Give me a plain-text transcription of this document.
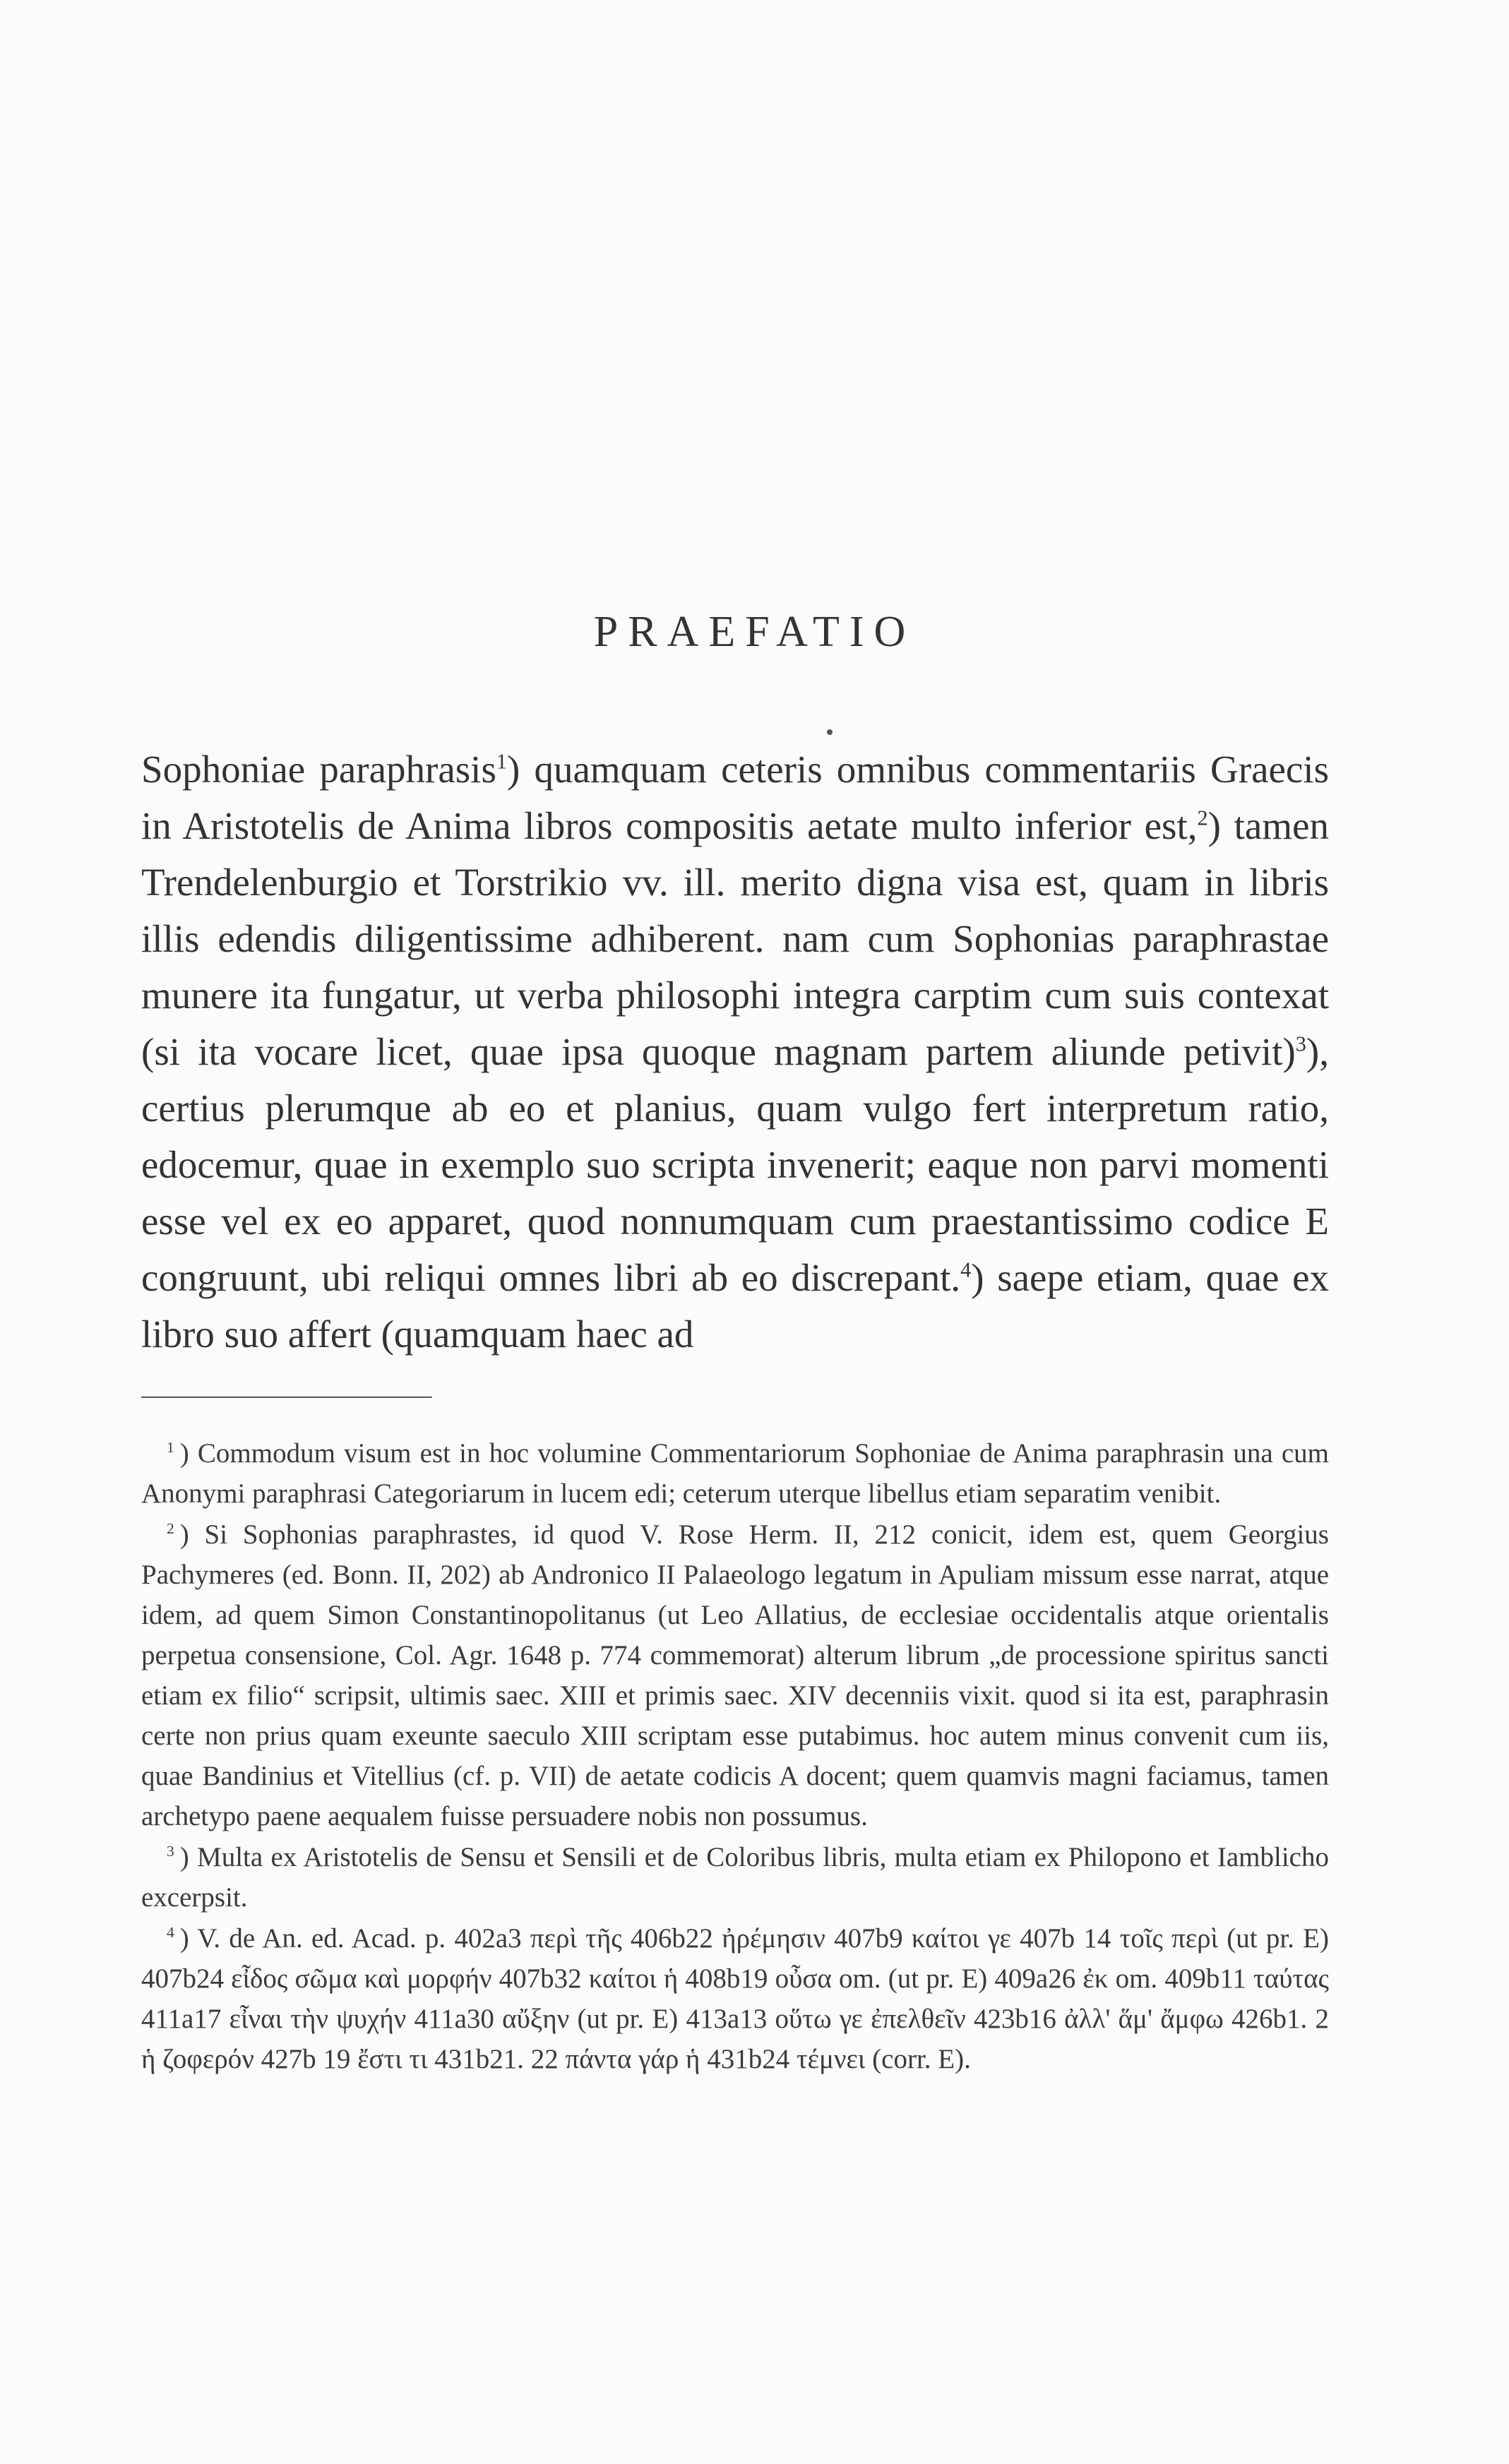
PRAEFATIO

Sophoniae paraphrasis$^1$) quamquam ceteris omnibus commentariis Graecis in Aristotelis de Anima libros compositis aetate multo inferior est,$^2$) tamen Trendelenburgio et Torstrikio vv. ill. merito digna visa est, quam in libris illis edendis diligentissime adhiberent. nam cum Sophonias paraphrastae munere ita fungatur, ut verba philosophi integra carptim cum suis contexat (si ita vocare licet, quae ipsa quoque magnam partem aliunde petivit)$^3$), certius plerumque ab eo et planius, quam vulgo fert interpretum ratio, edocemur, quae in exemplo suo scripta invenerit; eaque non parvi momenti esse vel ex eo apparet, quod nonnumquam cum praestantissimo codice E congruunt, ubi reliqui omnes libri ab eo discrepant.$^4$) saepe etiam, quae ex libro suo affert (quamquam haec ad

$^1$ ) Commodum visum est in hoc volumine Commentariorum Sophoniae de Anima paraphrasin una cum Anonymi paraphrasi Categoriarum in lucem edi; ceterum uterque libellus etiam separatim venibit.

$^2$ ) Si Sophonias paraphrastes, id quod V. Rose Herm. II, 212 conicit, idem est, quem Georgius Pachymeres (ed. Bonn. II, 202) ab Andronico II Palaeologo legatum in Apuliam missum esse narrat, atque idem, ad quem Simon Constantinopolitanus (ut Leo Allatius, de ecclesiae occidentalis atque orientalis perpetua consensione, Col. Agr. 1648 p. 774 commemorat) alterum librum „de processione spiritus sancti etiam ex filio“ scripsit, ultimis saec. XIII et primis saec. XIV decenniis vixit. quod si ita est, paraphrasin certe non prius quam exeunte saeculo XIII scriptam esse putabimus. hoc autem minus convenit cum iis, quae Bandinius et Vitellius (cf. p. VII) de aetate codicis A docent; quem quamvis magni faciamus, tamen archetypo paene aequalem fuisse persuadere nobis non possumus.

$^3$ ) Multa ex Aristotelis de Sensu et Sensili et de Coloribus libris, multa etiam ex Philopono et Iamblicho excerpsit.

$^4$ ) V. de An. ed. Acad. p. 402a3 περὶ τῆς 406b22 ἠρέμησιν 407b9 καίτοι γε 407b 14 τοῖς περὶ (ut pr. E) 407b24 εἶδος σῶμα καὶ μορφήν 407b32 καίτοι ἡ 408b19 οὖσα om. (ut pr. E) 409a26 ἐκ om. 409b11 ταύτας 411a17 εἶναι τὴν ψυχήν 411a30 αὔξην (ut pr. E) 413a13 οὕτω γε ἐπελθεῖν 423b16 ἀλλ' ἅμ' ἄμφω 426b1. 2 ἡ ζοφερόν 427b 19 ἔστι τι 431b21. 22 πάντα γάρ ἡ 431b24 τέμνει (corr. E).
